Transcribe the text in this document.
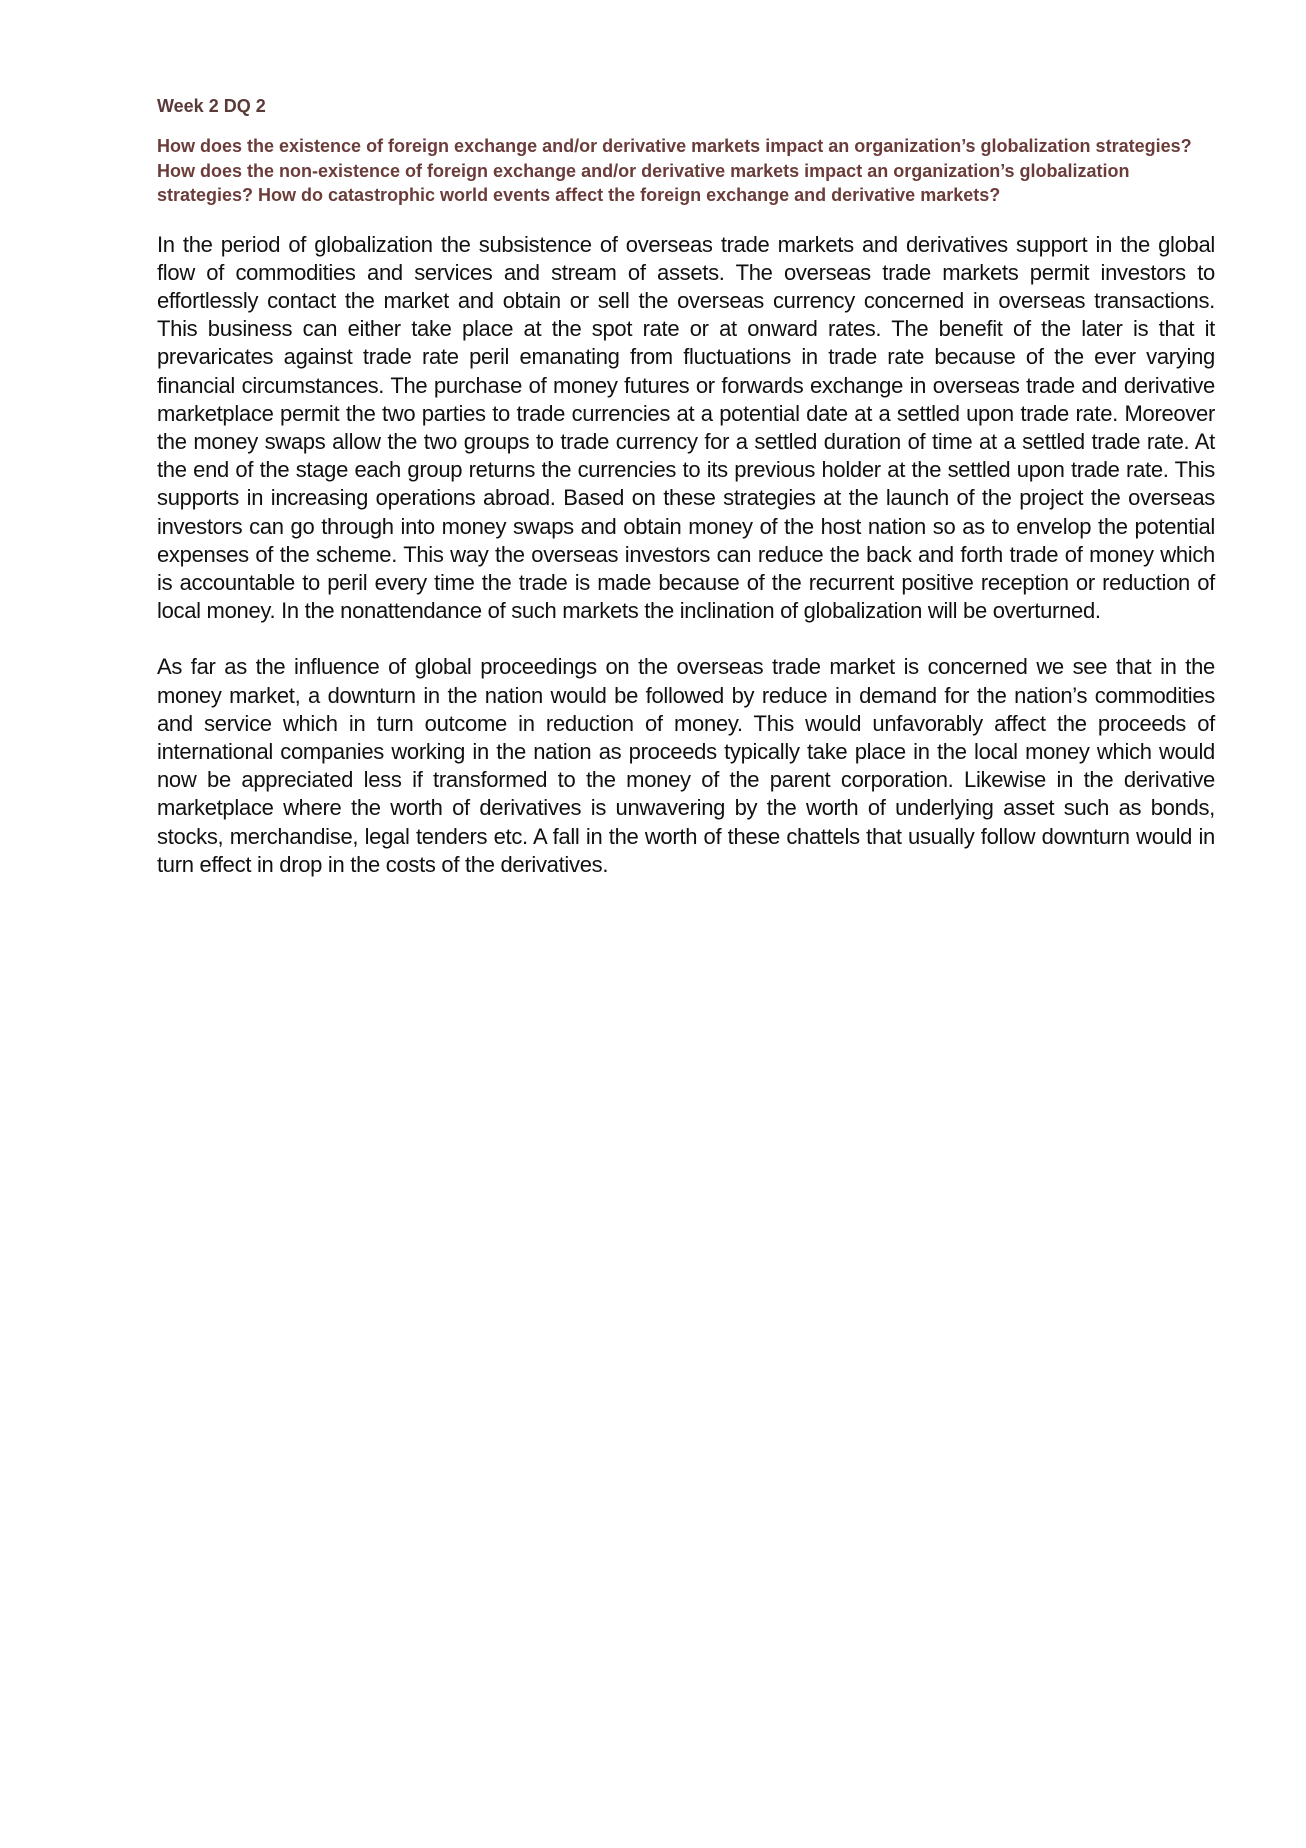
Week 2 DQ 2
How does the existence of foreign exchange and/or derivative markets impact an organization’s globalization strategies? How does the non-existence of foreign exchange and/or derivative markets impact an organization’s globalization strategies? How do catastrophic world events affect the foreign exchange and derivative markets?

In the period of globalization the subsistence of overseas trade markets and derivatives support in the global flow of commodities and services and stream of assets. The overseas trade markets permit investors to effortlessly contact the market and obtain or sell the overseas currency concerned in overseas transactions. This business can either take place at the spot rate or at onward rates. The benefit of the later is that it prevaricates against trade rate peril emanating from fluctuations in trade rate because of the ever varying financial circumstances. The purchase of money futures or forwards exchange in overseas trade and derivative marketplace permit the two parties to trade currencies at a potential date at a settled upon trade rate. Moreover the money swaps allow the two groups to trade currency for a settled duration of time at a settled trade rate. At the end of the stage each group returns the currencies to its previous holder at the settled upon trade rate. This supports in increasing operations abroad. Based on these strategies at the launch of the project the overseas investors can go through into money swaps and obtain money of the host nation so as to envelop the potential expenses of the scheme. This way the overseas investors can reduce the back and forth trade of money which is accountable to peril every time the trade is made because of the recurrent positive reception or reduction of local money. In the nonattendance of such markets the inclination of globalization will be overturned.

As far as the influence of global proceedings on the overseas trade market is concerned we see that in the money market, a downturn in the nation would be followed by reduce in demand for the nation’s commodities and service which in turn outcome in reduction of money. This would unfavorably affect the proceeds of international companies working in the nation as proceeds typically take place in the local money which would now be appreciated less if transformed to the money of the parent corporation. Likewise in the derivative marketplace where the worth of derivatives is unwavering by the worth of underlying asset such as bonds, stocks, merchandise, legal tenders etc. A fall in the worth of these chattels that usually follow downturn would in turn effect in drop in the costs of the derivatives.
